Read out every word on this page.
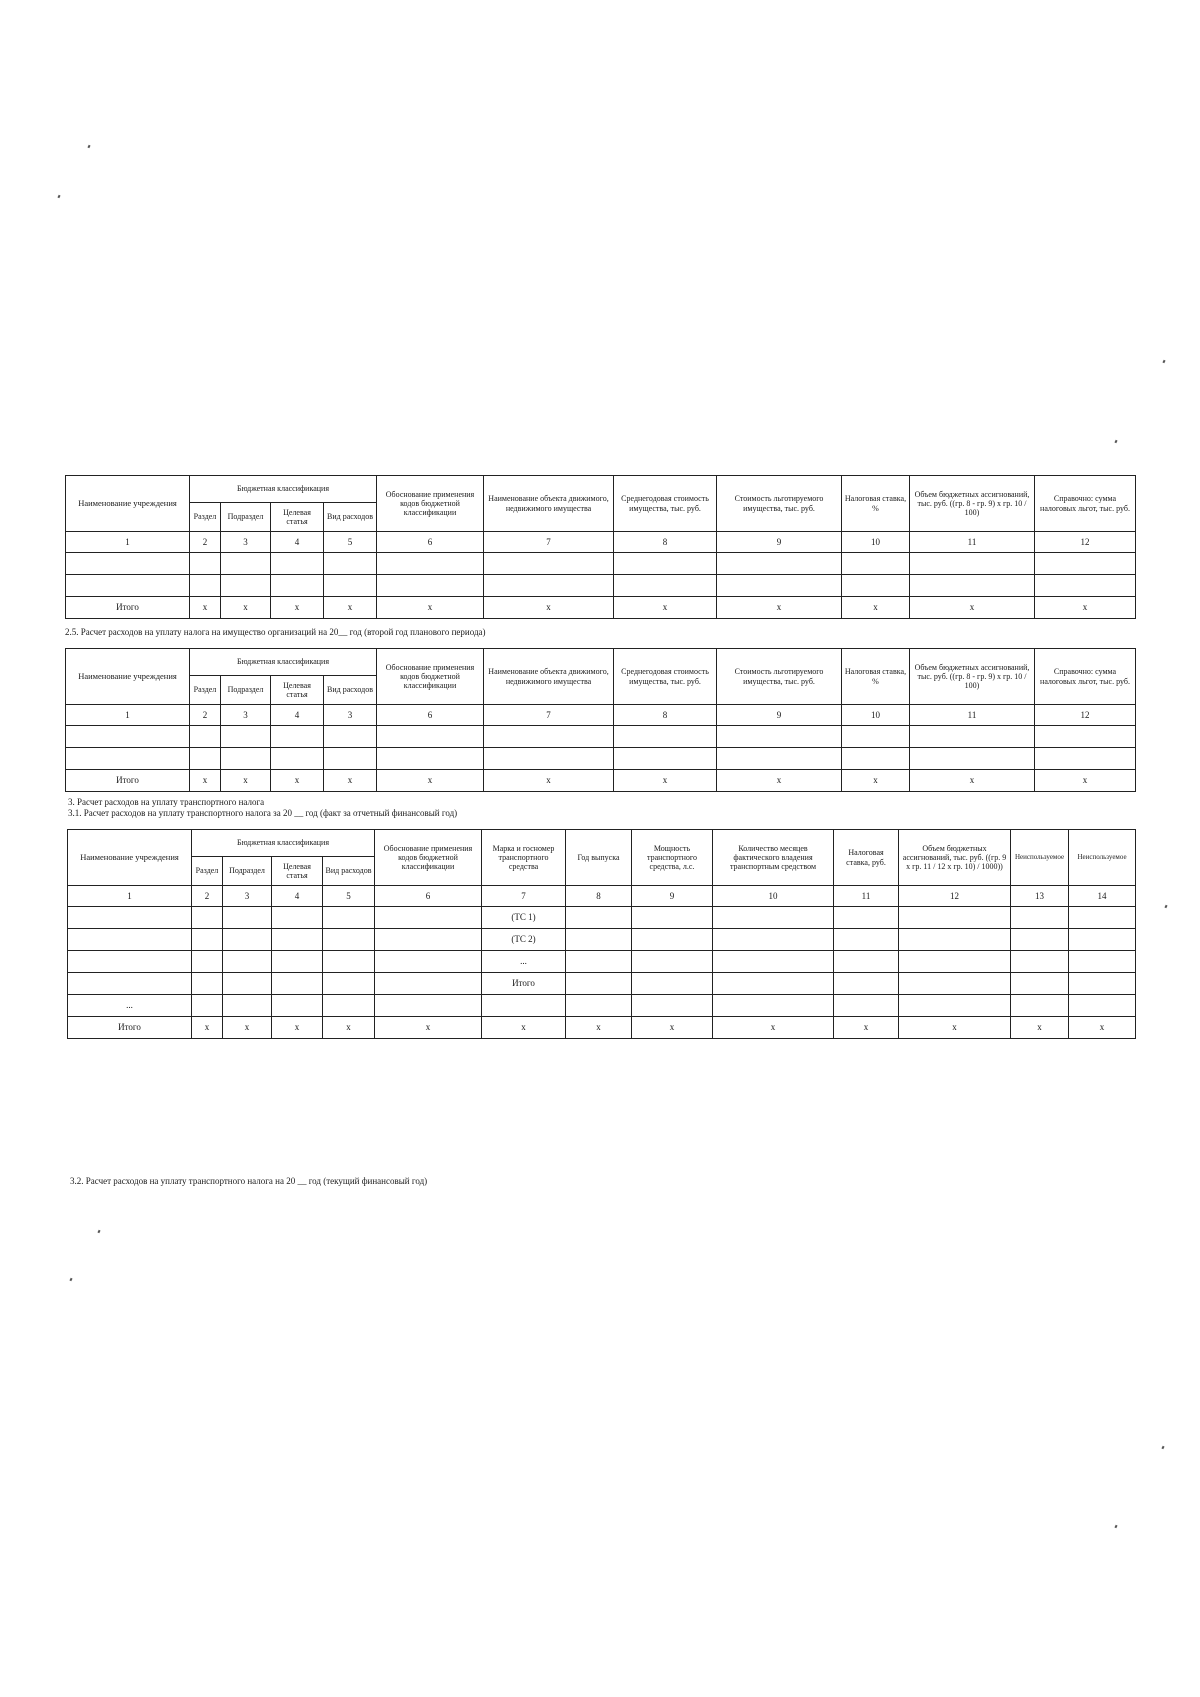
Наименование учреждения	Бюджетная классификация				Обоснование применения кодов бюджетной классификации	Наименование объекта движимого, недвижимого имущества	Среднегодовая стоимость имущества, тыс. руб.	Стоимость льготируемого имущества, тыс. руб.	Налоговая ставка, %	Объем бюджетных ассигнований, тыс. руб. ((гр. 8 - гр. 9) х гр. 10 / 100)	Справочно: сумма налоговых льгот, тыс. руб.
	Раздел	Подраздел	Целевая статья	Вид расходов							
1	2	3	4	5	6	7	8	9	10	11	12

Итого	х	х	х	х	х	х	х	х	х	х	х
2.5. Расчет расходов на уплату налога на имущество организаций на 20__ год (второй год планового периода)
Наименование учреждения	Бюджетная классификация				Обоснование применения кодов бюджетной классификации	Наименование объекта движимого, недвижимого имущества	Среднегодовая стоимость имущества, тыс. руб.	Стоимость льготируемого имущества, тыс. руб.	Налоговая ставка, %	Объем бюджетных ассигнований, тыс. руб. ((гр. 8 - гр. 9) х гр. 10 / 100)	Справочно: сумма налоговых льгот, тыс. руб.
	Раздел	Подраздел	Целевая статья	Вид расходов							
1	2	3	4	3	6	7	8	9	10	11	12

Итого	х	х	х	х	х	х	х	х	х	х	х
3. Расчет расходов на уплату транспортного налога
3.1. Расчет расходов на уплату транспортного налога за 20 __ год (факт за отчетный финансовый год)
Наименование учреждения	Бюджетная классификация				Обоснование применения кодов бюджетной классификации	Марка и госномер транспортного средства	Год выпуска	Мощность транспортного средства, л.с.	Количество месяцев фактического владения транспортным средством	Налоговая ставка, руб.	Объем бюджетных ассигнований, тыс. руб. ((гр. 9 х гр. 11 / 12 х гр. 10) / 1000))	Неиспользуемое	Неиспользуемое
	Раздел	Подраздел	Целевая статья	Вид расходов									
1	2	3	4	5	6	7	8	9	10	11	12	13	14
						(ТС 1)							
						(ТС 2)							
						...							
						Итого							
...													
Итого	х	х	х	х	х	х	х	х	х	х	х	х	х
3.2. Расчет расходов на уплату транспортного налога на 20 __ год (текущий финансовый год)
